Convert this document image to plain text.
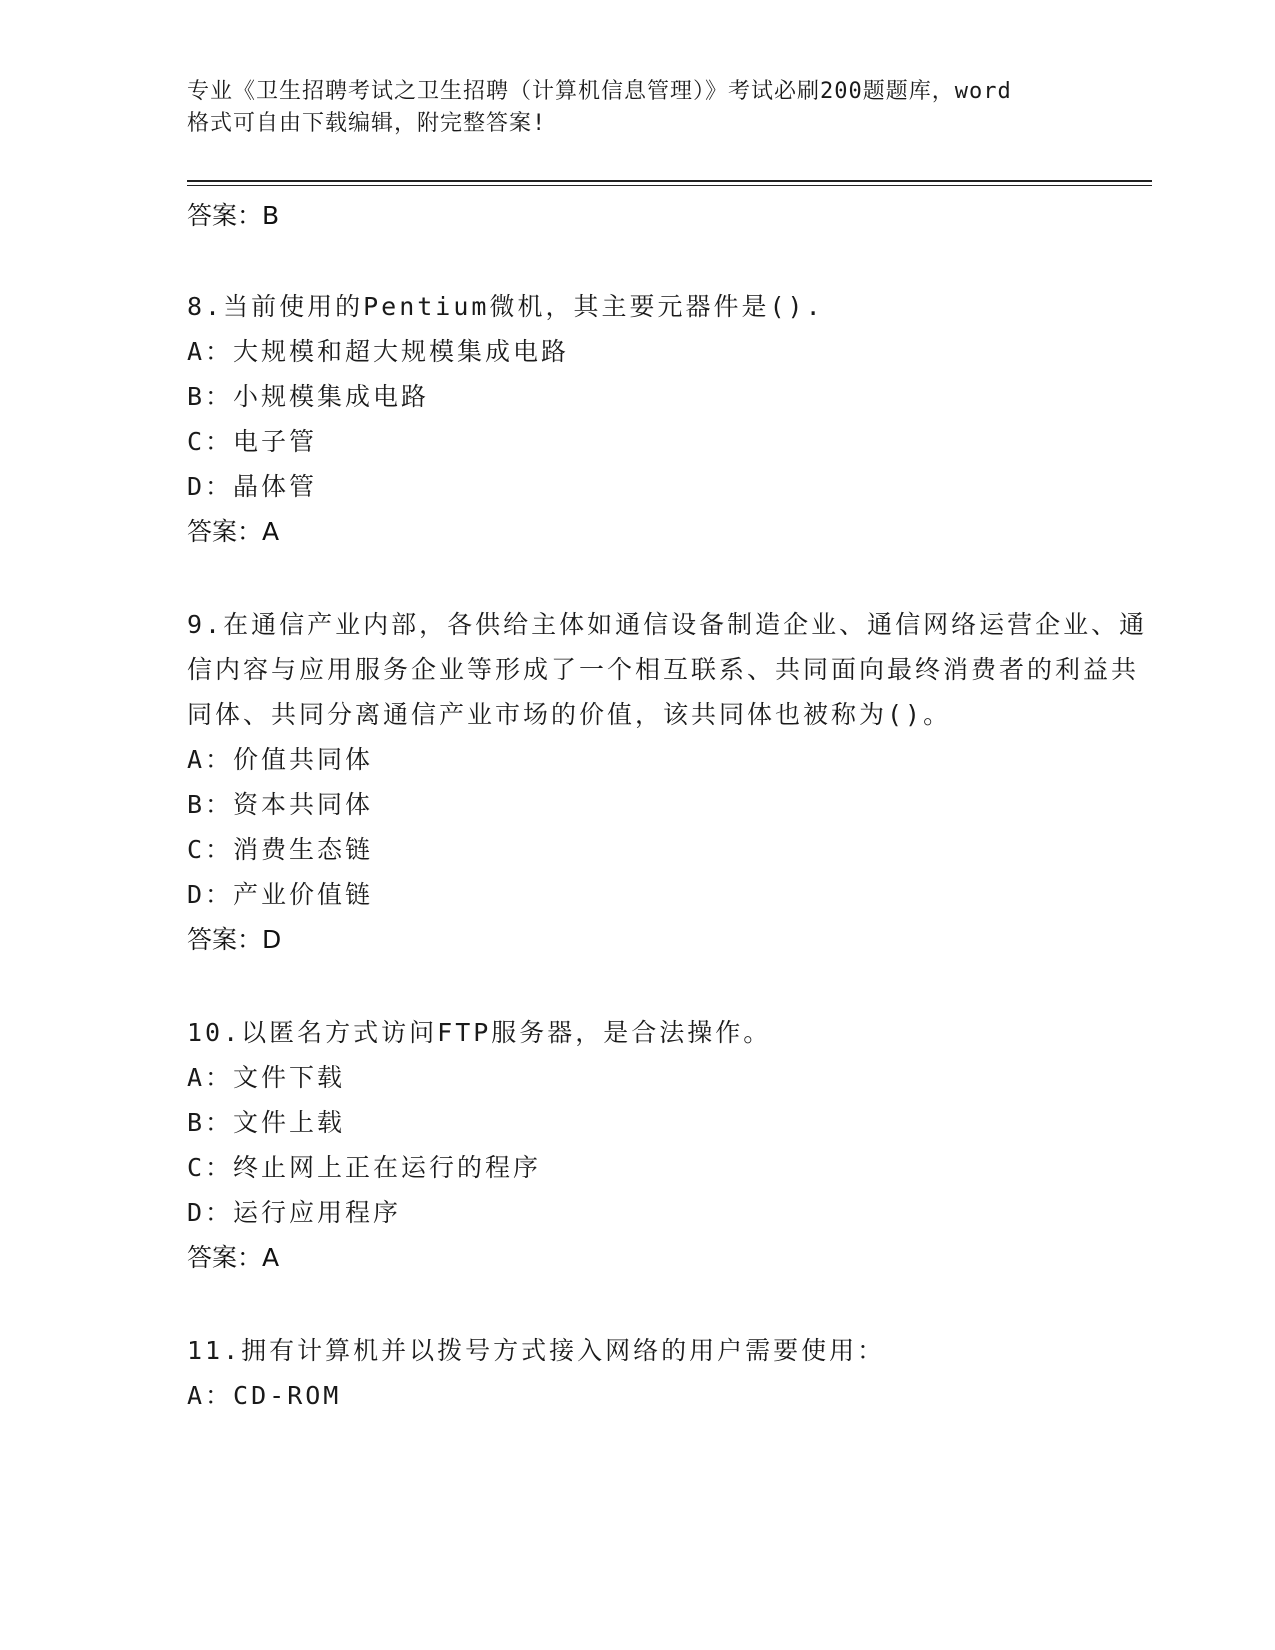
专业《卫生招聘考试之卫生招聘（计算机信息管理）》考试必刷200题题库，word
格式可自由下载编辑，附完整答案!
答案：B
8.当前使用的Pentium微机，其主要元器件是().
A：大规模和超大规模集成电路
B：小规模集成电路
C：电子管
D：晶体管
答案：A
9.在通信产业内部，各供给主体如通信设备制造企业、通信网络运营企业、通信内容与应用服务企业等形成了一个相互联系、共同面向最终消费者的利益共同体、共同分离通信产业市场的价值，该共同体也被称为()。
A：价值共同体
B：资本共同体
C：消费生态链
D：产业价值链
答案：D
10.以匿名方式访问FTP服务器，是合法操作。
A：文件下载
B：文件上载
C：终止网上正在运行的程序
D：运行应用程序
答案：A
11.拥有计算机并以拨号方式接入网络的用户需要使用：
A：CD-ROM
